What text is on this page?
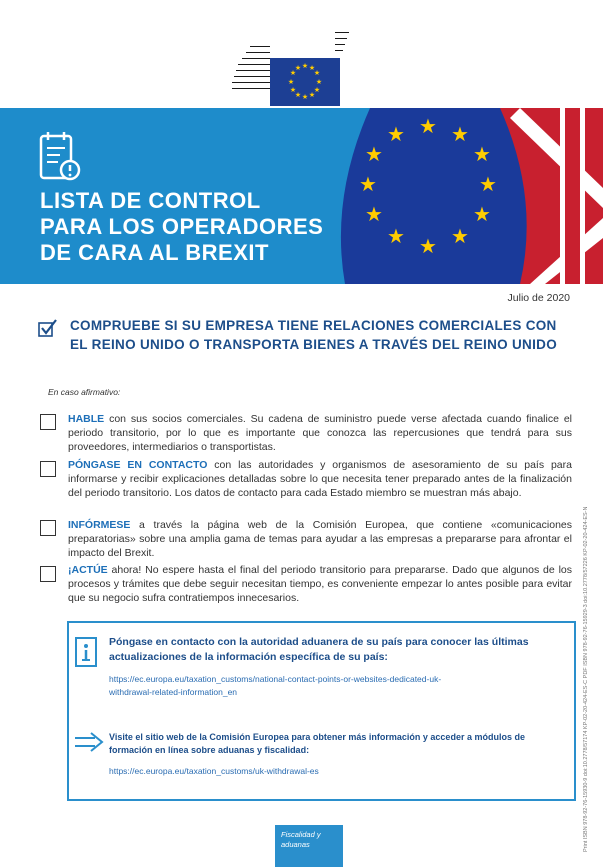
★ ★
★
★
★
★
★
★
★
★
★
★
★ ★
★
★
★
★
★
★
★
★
★
★
LISTA DE CONTROL
PARA LOS OPERADORES
DE CARA AL BREXIT
Julio de 2020
COMPRUEBE SI SU EMPRESA TIENE RELACIONES COMERCIALES CON EL REINO UNIDO O TRANSPORTA BIENES A TRAVÉS DEL REINO UNIDO
En caso afirmativo:
HABLE con sus socios comerciales. Su cadena de suministro puede verse afectada cuando finalice el periodo transitorio, por lo que es importante que conozca las repercusiones que tendrá para sus proveedores, intermediarios o transportistas.
PÓNGASE EN CONTACTO con las autoridades y organismos de asesoramiento de su país para informarse y recibir explicaciones detalladas sobre lo que necesita tener preparado antes de la finalización del periodo transitorio. Los datos de contacto para cada Estado miembro se muestran más abajo.
INFÓRMESE a través la página web de la Comisión Europea, que contiene «comunicaciones preparatorias» sobre una amplia gama de temas para ayudar a las empresas a prepararse para afrontar el impacto del Brexit.
¡ACTÚE ahora! No espere hasta el final del periodo transitorio para prepararse. Dado que algunos de los procesos y trámites que debe seguir necesitan tiempo, es conveniente empezar lo antes posible para evitar que su negocio sufra contratiempos innecesarios.
Póngase en contacto con la autoridad aduanera de su país para conocer las últimas actualizaciones de la información específica de su país:
https://ec.europa.eu/taxation_customs/national-contact-points-or-websites-dedicated-uk-
withdrawal-related-information_en
Visite el sitio web de la Comisión Europea para obtener más información y acceder a módulos de formación en línea sobre aduanas y fiscalidad:
https://ec.europa.eu/taxation_customs/uk-withdrawal-es	Print ISBN 978-92-76-15930-9 doi:10.2778/57174 KP-02-20-424-ES-C PDF ISBN 978-92-76-15929-3 doi:10.2778/57226 KP-02-20-424-ES-N
Fiscalidad y
aduanas
